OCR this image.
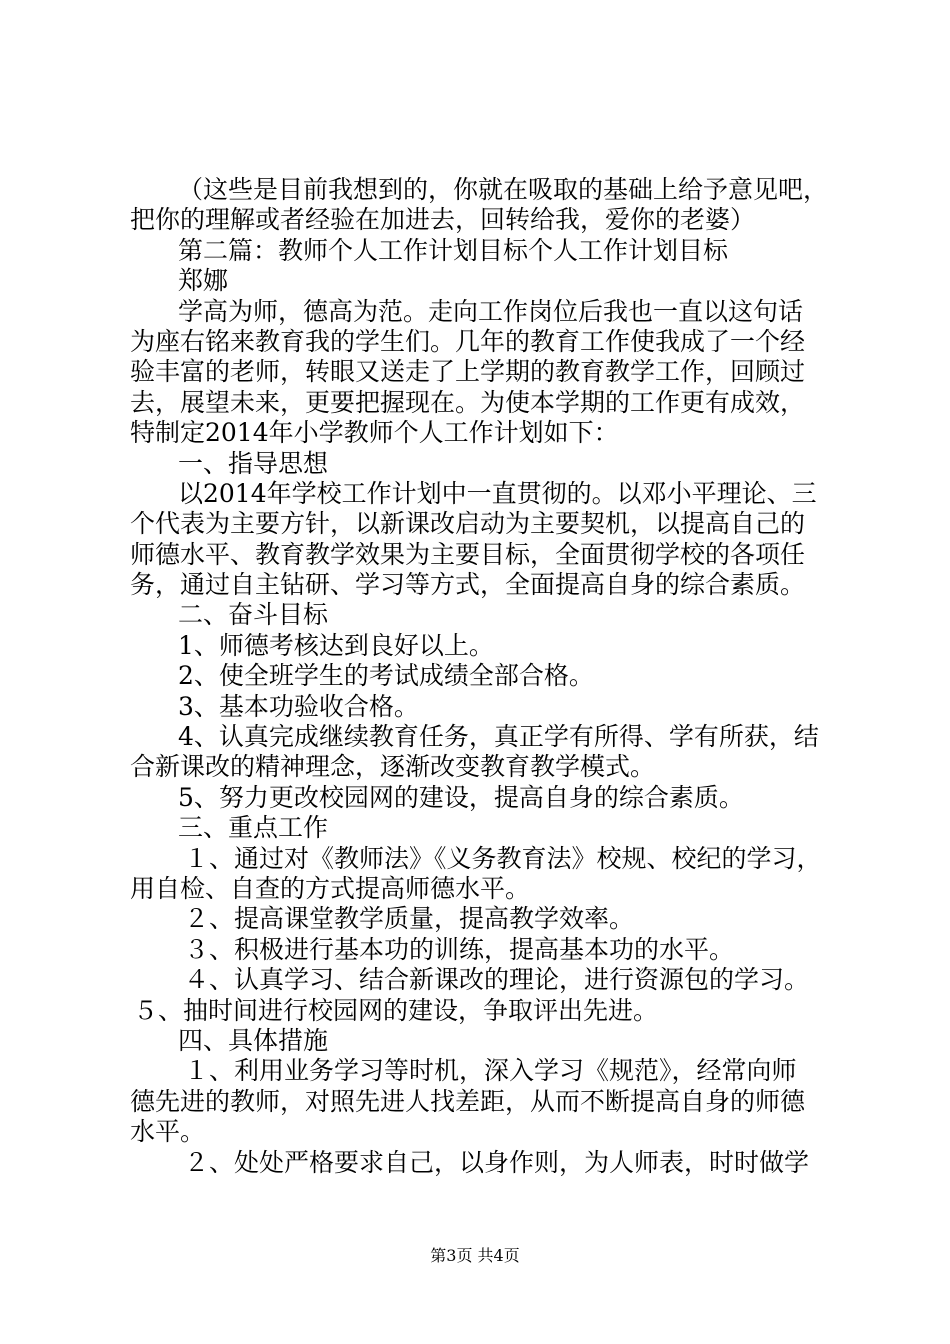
（这些是目前我想到的，你就在吸取的基础上给予意见吧，
把你的理解或者经验在加进去，回转给我，爱你的老婆）
第二篇：教师个人工作计划目标个人工作计划目标
郑娜
学高为师，德高为范。走向工作岗位后我也一直以这句话
为座右铭来教育我的学生们。几年的教育工作使我成了一个经
验丰富的老师，转眼又送走了上学期的教育教学工作，回顾过
去，展望未来，更要把握现在。为使本学期的工作更有成效，
特制定2014年小学教师个人工作计划如下：
一、指导思想
以2014年学校工作计划中一直贯彻的。以邓小平理论、三
个代表为主要方针，以新课改启动为主要契机，以提高自己的
师德水平、教育教学效果为主要目标，全面贯彻学校的各项任
务，通过自主钻研、学习等方式，全面提高自身的综合素质。
二、奋斗目标
1、师德考核达到良好以上。
2、使全班学生的考试成绩全部合格。
3、基本功验收合格。
4、认真完成继续教育任务，真正学有所得、学有所获，结
合新课改的精神理念，逐渐改变教育教学模式。
5、努力更改校园网的建设，提高自身的综合素质。
三、重点工作
１、通过对《教师法》《义务教育法》校规、校纪的学习，
用自检、自查的方式提高师德水平。
２、提高课堂教学质量，提高教学效率。
３、积极进行基本功的训练，提高基本功的水平。
４、认真学习、结合新课改的理论，进行资源包的学习。
５、抽时间进行校园网的建设，争取评出先进。
四、具体措施
１、利用业务学习等时机，深入学习《规范》，经常向师
德先进的教师，对照先进人找差距，从而不断提高自身的师德
水平。
２、处处严格要求自己，以身作则，为人师表，时时做学
第3页 共4页
